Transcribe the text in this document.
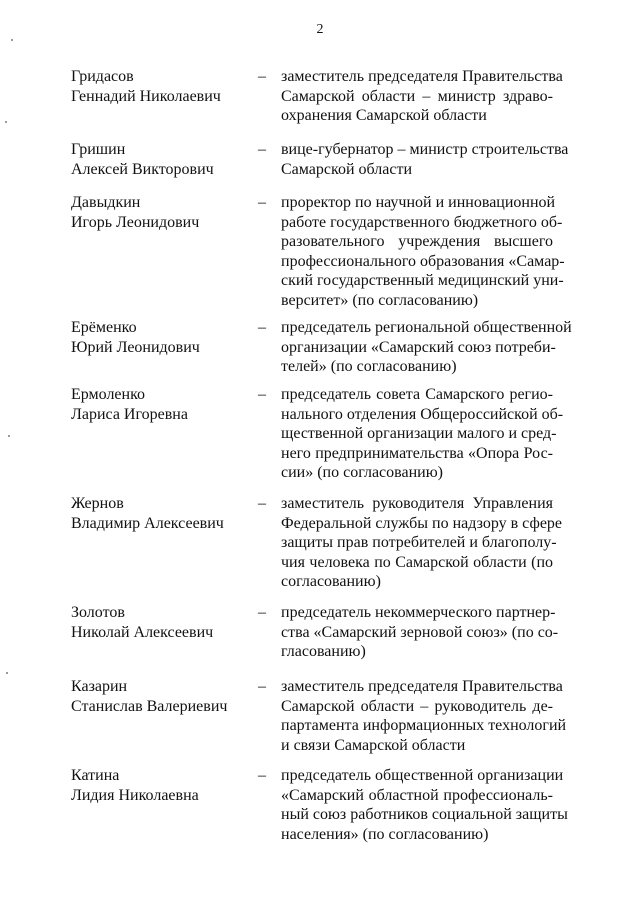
2
Гридасов
Геннадий Николаевич
– заместитель председателя Правительства
Самарской области – министр здраво-
охранения Самарской области
Гришин
Алексей Викторович
– вице-губернатор – министр строительства
Самарской области
Давыдкин
Игорь Леонидович
– проректор по научной и инновационной
работе государственного бюджетного об-
разовательного учреждения высшего
профессионального образования «Самар-
ский государственный медицинский уни-
верситет» (по согласованию)
Ерёменко
Юрий Леонидович
– председатель региональной общественной
организации «Самарский союз потреби-
телей» (по согласованию)
Ермоленко
Лариса Игоревна
– председатель совета Самарского регио-
нального отделения Общероссийской об-
щественной организации малого и сред-
него предпринимательства «Опора Рос-
сии» (по согласованию)
Жернов
Владимир Алексеевич
– заместитель руководителя Управления
Федеральной службы по надзору в сфере
защиты прав потребителей и благополу-
чия человека по Самарской области (по
согласованию)
Золотов
Николай Алексеевич
– председатель некоммерческого партнер-
ства «Самарский зерновой союз» (по со-
гласованию)
Казарин
Станислав Валериевич
– заместитель председателя Правительства
Самарской области – руководитель де-
партамента информационных технологий
и связи Самарской области
Катина
Лидия Николаевна
– председатель общественной организации
«Самарский областной профессиональ-
ный союз работников социальной защиты
населения» (по согласованию)
